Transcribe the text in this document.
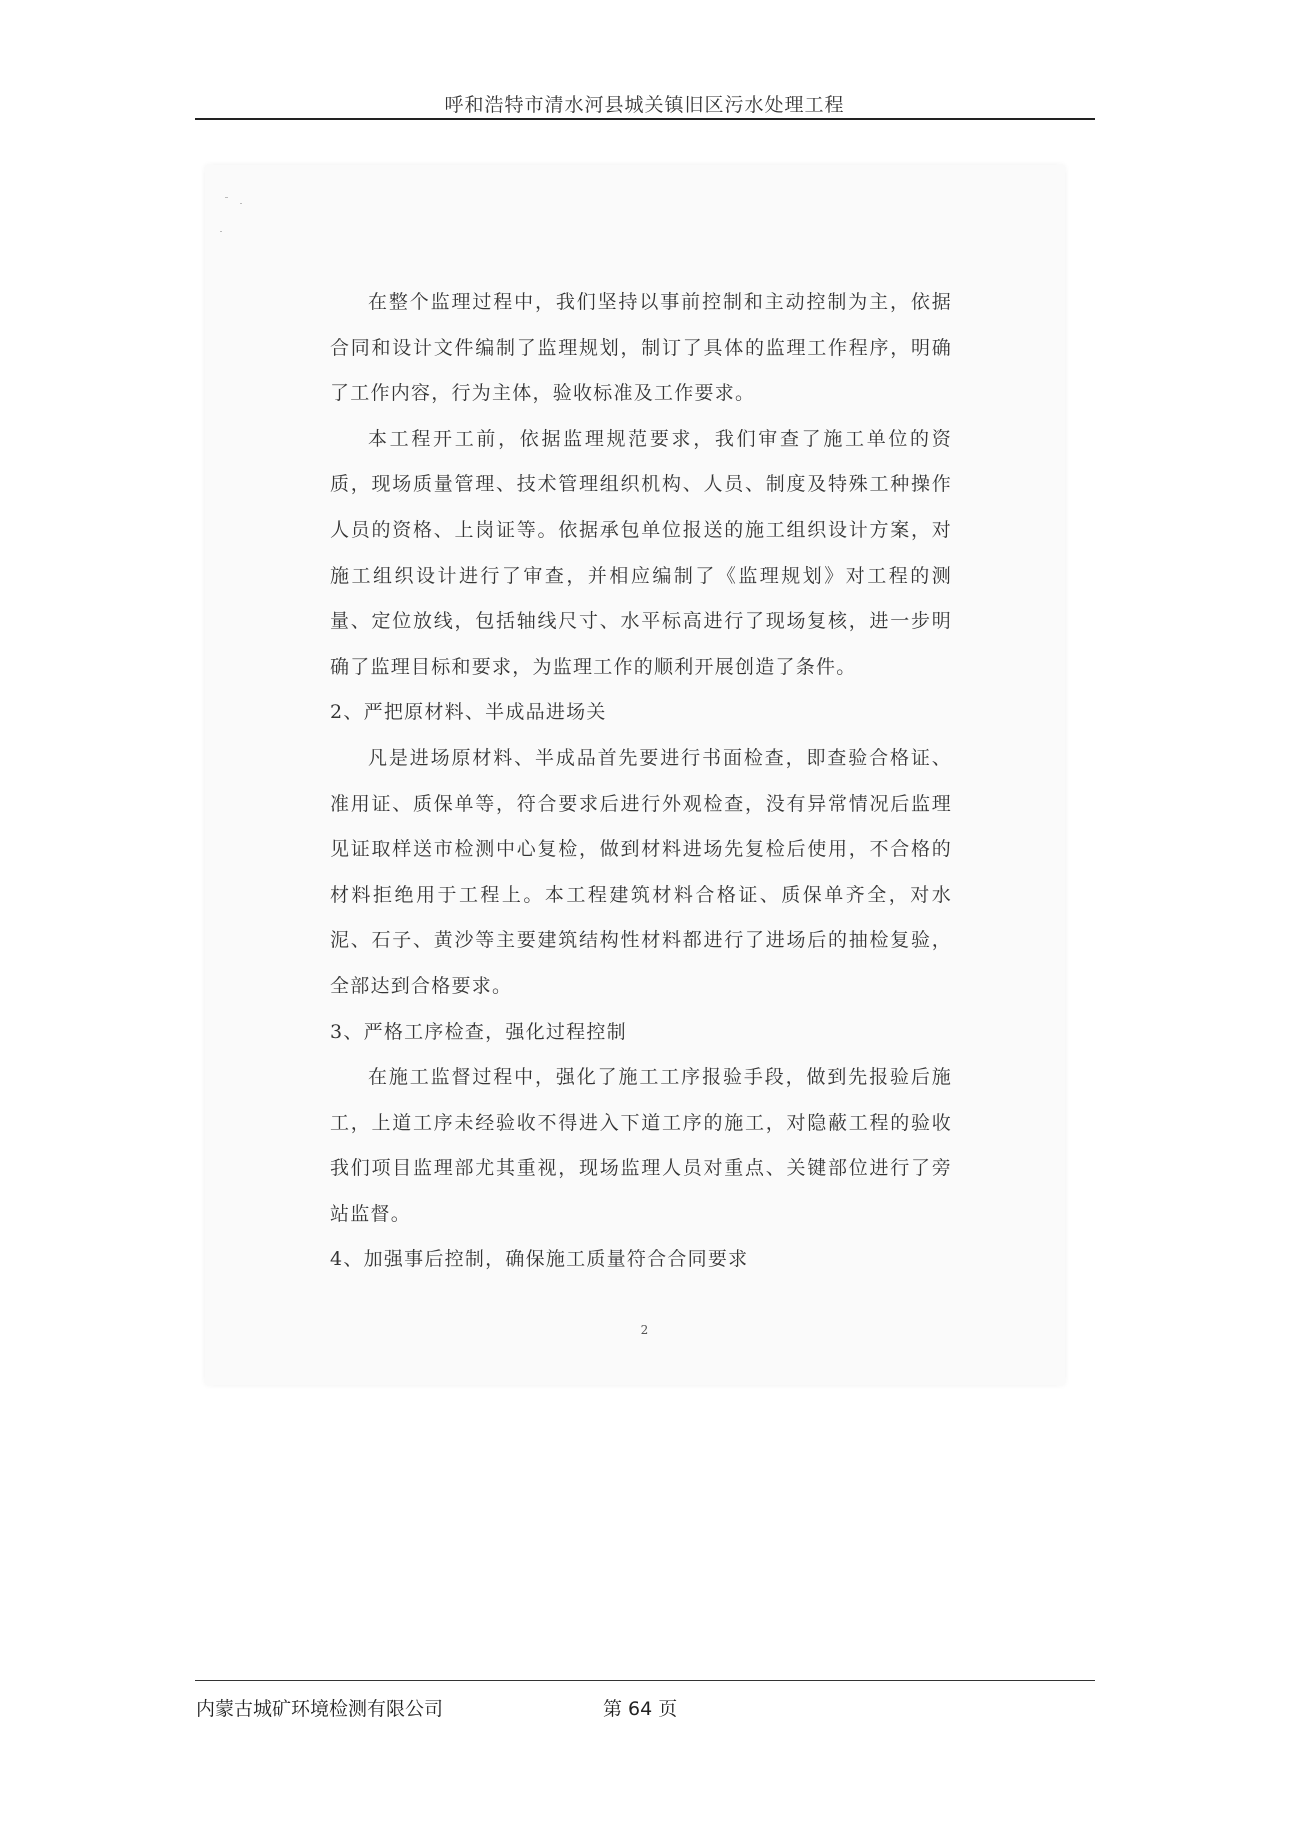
呼和浩特市清水河县城关镇旧区污水处理工程

在整个监理过程中，我们坚持以事前控制和主动控制为主，依据合同和设计文件编制了监理规划，制订了具体的监理工作程序，明确了工作内容，行为主体，验收标准及工作要求。

本工程开工前，依据监理规范要求，我们审查了施工单位的资质，现场质量管理、技术管理组织机构、人员、制度及特殊工种操作人员的资格、上岗证等。依据承包单位报送的施工组织设计方案，对施工组织设计进行了审查，并相应编制了《监理规划》对工程的测量、定位放线，包括轴线尺寸、水平标高进行了现场复核，进一步明确了监理目标和要求，为监理工作的顺利开展创造了条件。

2、严把原材料、半成品进场关

凡是进场原材料、半成品首先要进行书面检查，即查验合格证、准用证、质保单等，符合要求后进行外观检查，没有异常情况后监理见证取样送市检测中心复检，做到材料进场先复检后使用，不合格的材料拒绝用于工程上。本工程建筑材料合格证、质保单齐全，对水泥、石子、黄沙等主要建筑结构性材料都进行了进场后的抽检复验，全部达到合格要求。

3、严格工序检查，强化过程控制

在施工监督过程中，强化了施工工序报验手段，做到先报验后施工，上道工序未经验收不得进入下道工序的施工，对隐蔽工程的验收我们项目监理部尤其重视，现场监理人员对重点、关键部位进行了旁站监督。

4、加强事后控制，确保施工质量符合合同要求
2
内蒙古城矿环境检测有限公司	第 64 页
